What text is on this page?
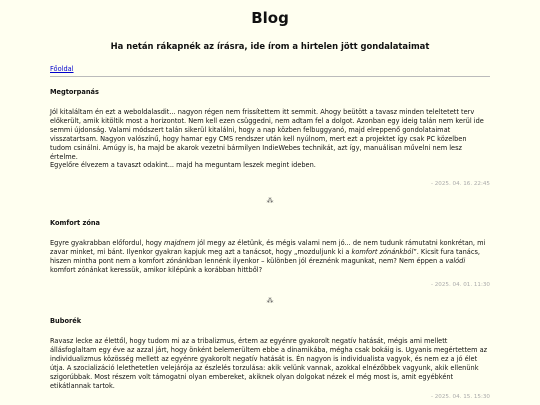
Blog
Ha netán rákapnék az írásra, ide írom a hirtelen jött gondalataimat
Főoldal
Megtorpanás

Jól kitaláltam én ezt a weboldalasdit... nagyon régen nem frissítettem itt semmit. Ahogy beütött a tavasz minden teleltetett terv előkerült, amik kitöltik most a horizontot. Nem kell ezen csüggedni, nem adtam fel a dolgot. Azonban egy ideig talán nem kerül ide semmi újdonság. Valami módszert talán sikerül kitalálni, hogy a nap közben felbuggyanó, majd elreppenő gondolataimat visszatartsam. Nagyon valószínű, hogy hamar egy CMS rendszer után kell nyúlnom, mert ezt a projektet így csak PC közelben tudom csinálni. Amúgy is, ha majd be akarok vezetni bármilyen IndieWebes technikát, azt így, manuálisan művelni nem lesz értelme.

Egyelőre élvezem a tavaszt odakint... majd ha meguntam leszek megint ideben.

- 2025. 04. 16. 22:45
⁂
Komfort zóna

Egyre gyakrabban előfordul, hogy majdnem jól megy az életünk, és mégis valami nem jó... de nem tudunk rámutatni konkrétan, mi zavar minket, mi bánt. Ilyenkor gyakran kapjuk meg azt a tanácsot, hogy „mozduljunk ki a komfort zónánkból”. Kicsit fura tanács, hiszen mintha pont nem a komfort zónánkban lennénk ilyenkor – különben jól éreznénk magunkat, nem? Nem éppen a valódi komfort zónánkat keressük, amikor kilépünk a korábban hittből?

- 2025. 04. 01. 11:30
⁂
Buborék

Ravasz lecke az élettől, hogy tudom mi az a tribalizmus, értem az egyénre gyakorolt negatív hatását, mégis ami mellett állásfoglaltam egy éve az azzal járt, hogy önként belemerültem ebbe a dinamikába, mégha csak bokáig is. Ugyanis megértettem az individualizmus közösség mellett az egyénre gyakorolt negatív hatását is. Én nagyon is individualista vagyok, és nem ez a jó élet útja. A szocializáció lelethetetlen velejárója az észlelés torzulása: akik velünk vannak, azokkal elnézőbbek vagyunk, akik ellenünk szigorúbbak. Most részem volt támogatni olyan embereket, akiknek olyan dolgokat nézek el még most is, amit egyébként etikátlannak tartok.

- 2025. 04. 15. 15:30
